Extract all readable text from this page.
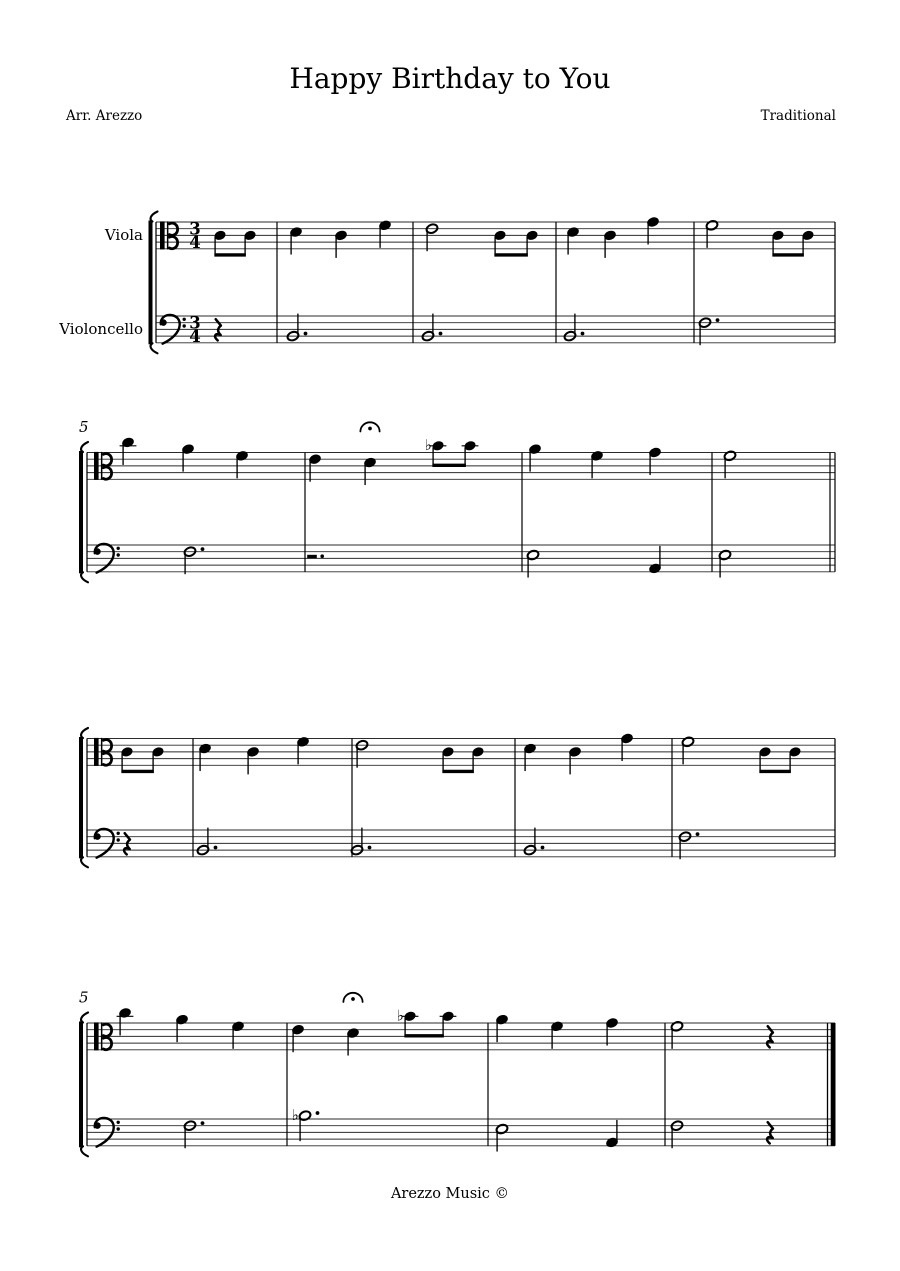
Happy Birthday to You
Arr. Arezzo	Traditional
3
4
Viola
3
4
Violoncello
♭
5
♭
♭
5
Arezzo Music ©
